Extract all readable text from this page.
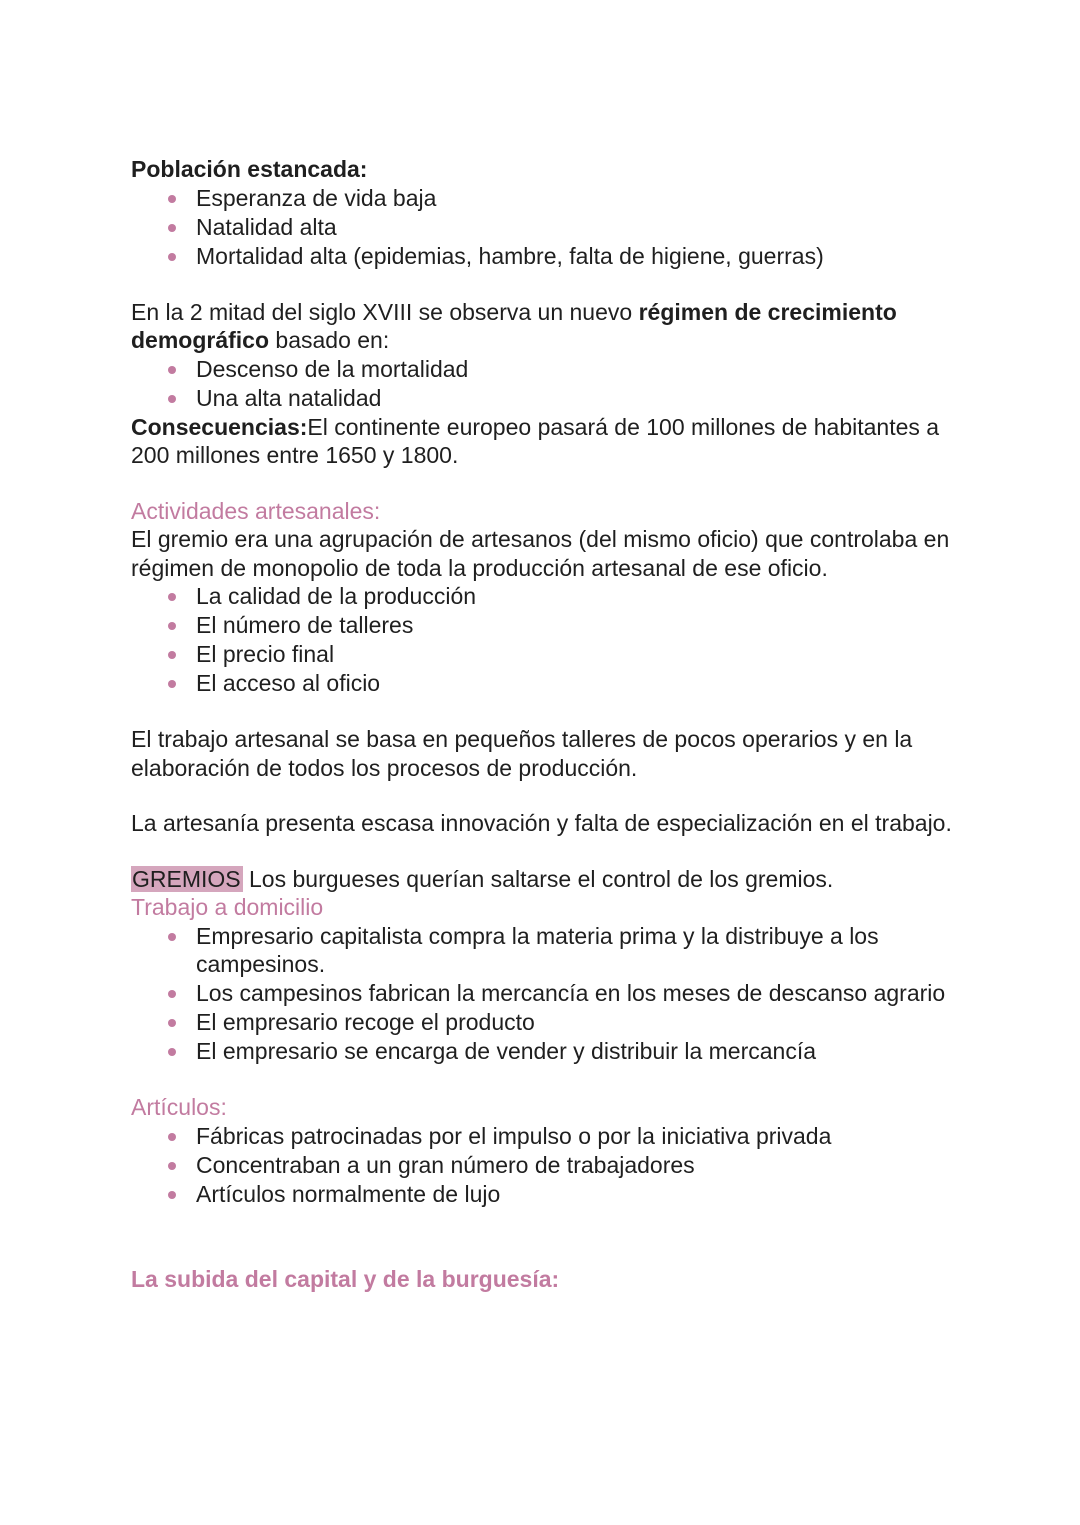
Población estancada:

Esperanza de vida baja
Natalidad alta
Mortalidad alta (epidemias, hambre, falta de higiene, guerras)

En la 2 mitad del siglo XVIII se observa un nuevo régimen de crecimiento demográfico basado en:

Descenso de la mortalidad
Una alta natalidad

Consecuencias:El continente europeo pasará de 100 millones de habitantes a 200 millones entre 1650 y 1800.

Actividades artesanales:

El gremio era una agrupación de artesanos (del mismo oficio) que controlaba en régimen de monopolio de toda la producción artesanal de ese oficio.

La calidad de la producción
El número de talleres
El precio final
El acceso al oficio

El trabajo artesanal se basa en pequeños talleres de pocos operarios y en la elaboración de todos los procesos de producción.

La artesanía presenta escasa innovación y falta de especialización en el trabajo.

GREMIOS Los burgueses querían saltarse el control de los gremios.

Trabajo a domicilio

Empresario capitalista compra la materia prima y la distribuye a los campesinos.
Los campesinos fabrican la mercancía en los meses de descanso agrario
El empresario recoge el producto
El empresario se encarga de vender y distribuir la mercancía

Artículos:

Fábricas patrocinadas por el impulso o por la iniciativa privada
Concentraban a un gran número de trabajadores
Artículos normalmente de lujo

La subida del capital y de la burguesía:
